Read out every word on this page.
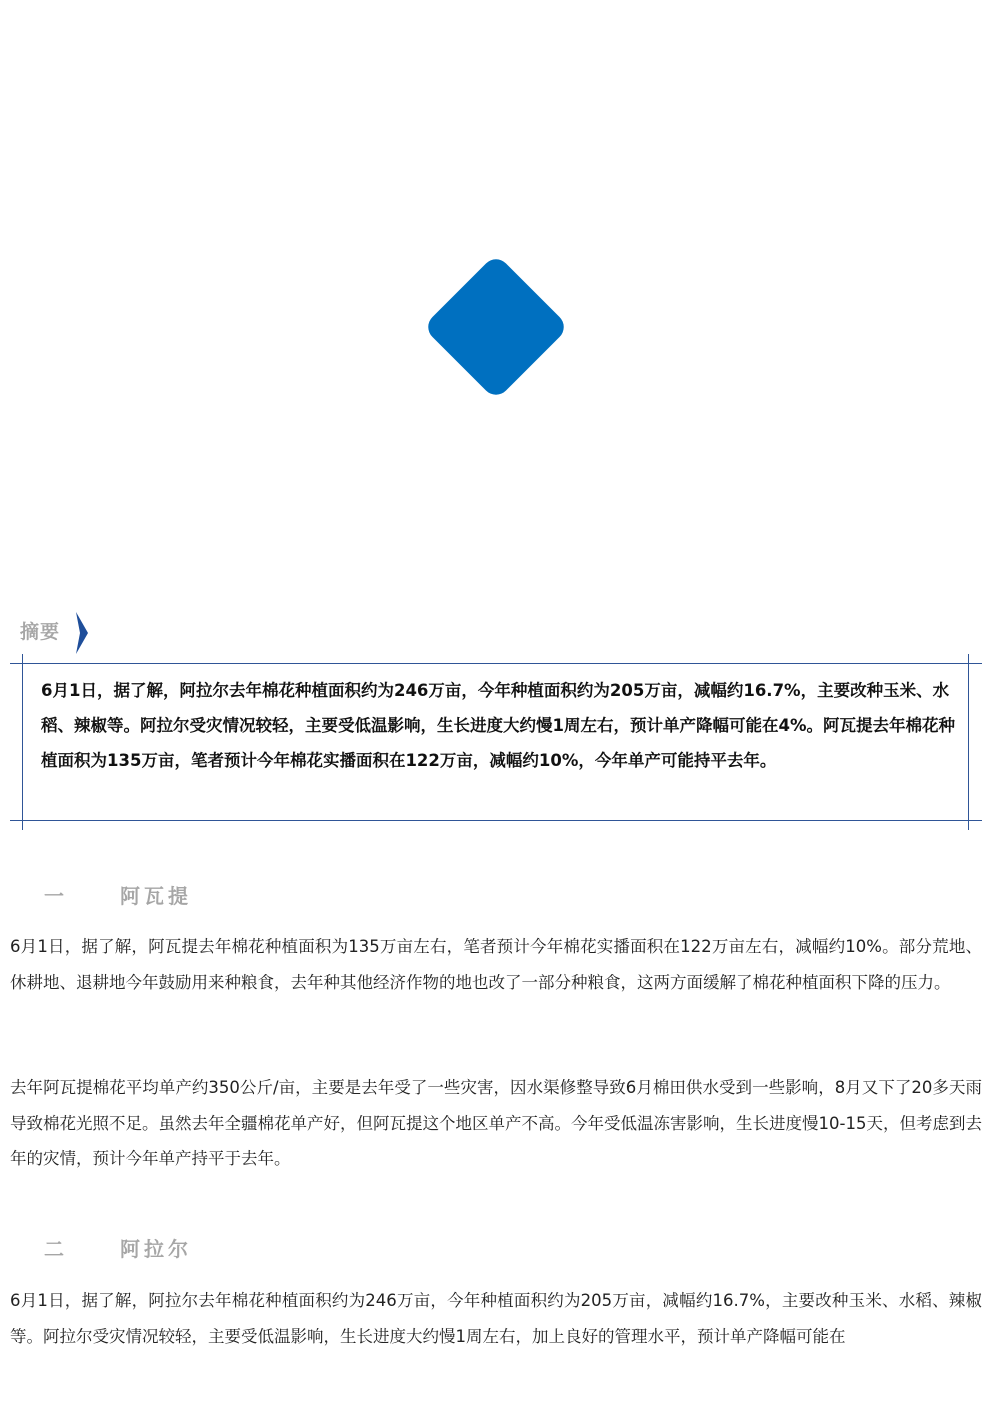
摘要

6月1日，据了解，阿拉尔去年棉花种植面积约为246万亩，今年种植面积约为205万亩，减幅约16.7%，主要改种玉米、水稻、辣椒等。阿拉尔受灾情况较轻，主要受低温影响，生长进度大约慢1周左右，预计单产降幅可能在4%。阿瓦提去年棉花种植面积为135万亩，笔者预计今年棉花实播面积在122万亩，减幅约10%，今年单产可能持平去年。

一	阿瓦提

6月1日，据了解，阿瓦提去年棉花种植面积为135万亩左右，笔者预计今年棉花实播面积在122万亩左右，减幅约10%。部分荒地、休耕地、退耕地今年鼓励用来种粮食，去年种其他经济作物的地也改了一部分种粮食，这两方面缓解了棉花种植面积下降的压力。

去年阿瓦提棉花平均单产约350公斤/亩，主要是去年受了一些灾害，因水渠修整导致6月棉田供水受到一些影响，8月又下了20多天雨导致棉花光照不足。虽然去年全疆棉花单产好，但阿瓦提这个地区单产不高。今年受低温冻害影响，生长进度慢10-15天，但考虑到去年的灾情，预计今年单产持平于去年。

二	阿拉尔

6月1日，据了解，阿拉尔去年棉花种植面积约为246万亩，今年种植面积约为205万亩，减幅约16.7%，主要改种玉米、水稻、辣椒等。阿拉尔受灾情况较轻，主要受低温影响，生长进度大约慢1周左右，加上良好的管理水平，预计单产降幅可能在
